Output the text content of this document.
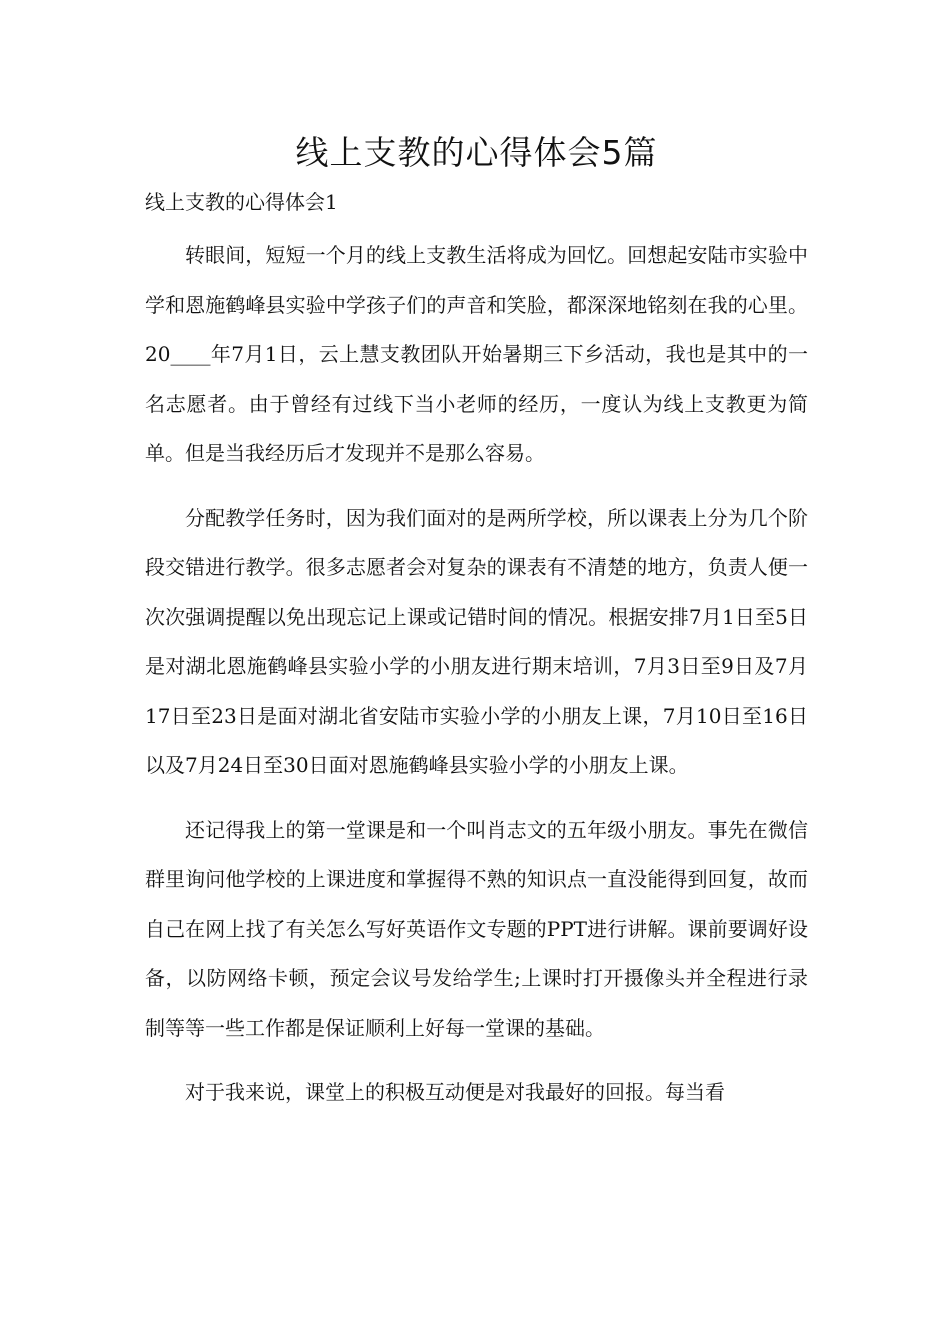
线上支教的心得体会5篇

线上支教的心得体会1

转眼间，短短一个月的线上支教生活将成为回忆。回想起安陆市实验中学和恩施鹤峰县实验中学孩子们的声音和笑脸，都深深地铭刻在我的心里。20____年7月1日，云上慧支教团队开始暑期三下乡活动，我也是其中的一名志愿者。由于曾经有过线下当小老师的经历，一度认为线上支教更为简单。但是当我经历后才发现并不是那么容易。

分配教学任务时，因为我们面对的是两所学校，所以课表上分为几个阶段交错进行教学。很多志愿者会对复杂的课表有不清楚的地方，负责人便一次次强调提醒以免出现忘记上课或记错时间的情况。根据安排7月1日至5日是对湖北恩施鹤峰县实验小学的小朋友进行期末培训，7月3日至9日及7月17日至23日是面对湖北省安陆市实验小学的小朋友上课，7月10日至16日以及7月24日至30日面对恩施鹤峰县实验小学的小朋友上课。

还记得我上的第一堂课是和一个叫肖志文的五年级小朋友。事先在微信群里询问他学校的上课进度和掌握得不熟的知识点一直没能得到回复，故而自己在网上找了有关怎么写好英语作文专题的PPT进行讲解。课前要调好设备，以防网络卡顿，预定会议号发给学生;上课时打开摄像头并全程进行录制等等一些工作都是保证顺利上好每一堂课的基础。

对于我来说，课堂上的积极互动便是对我最好的回报。每当看
